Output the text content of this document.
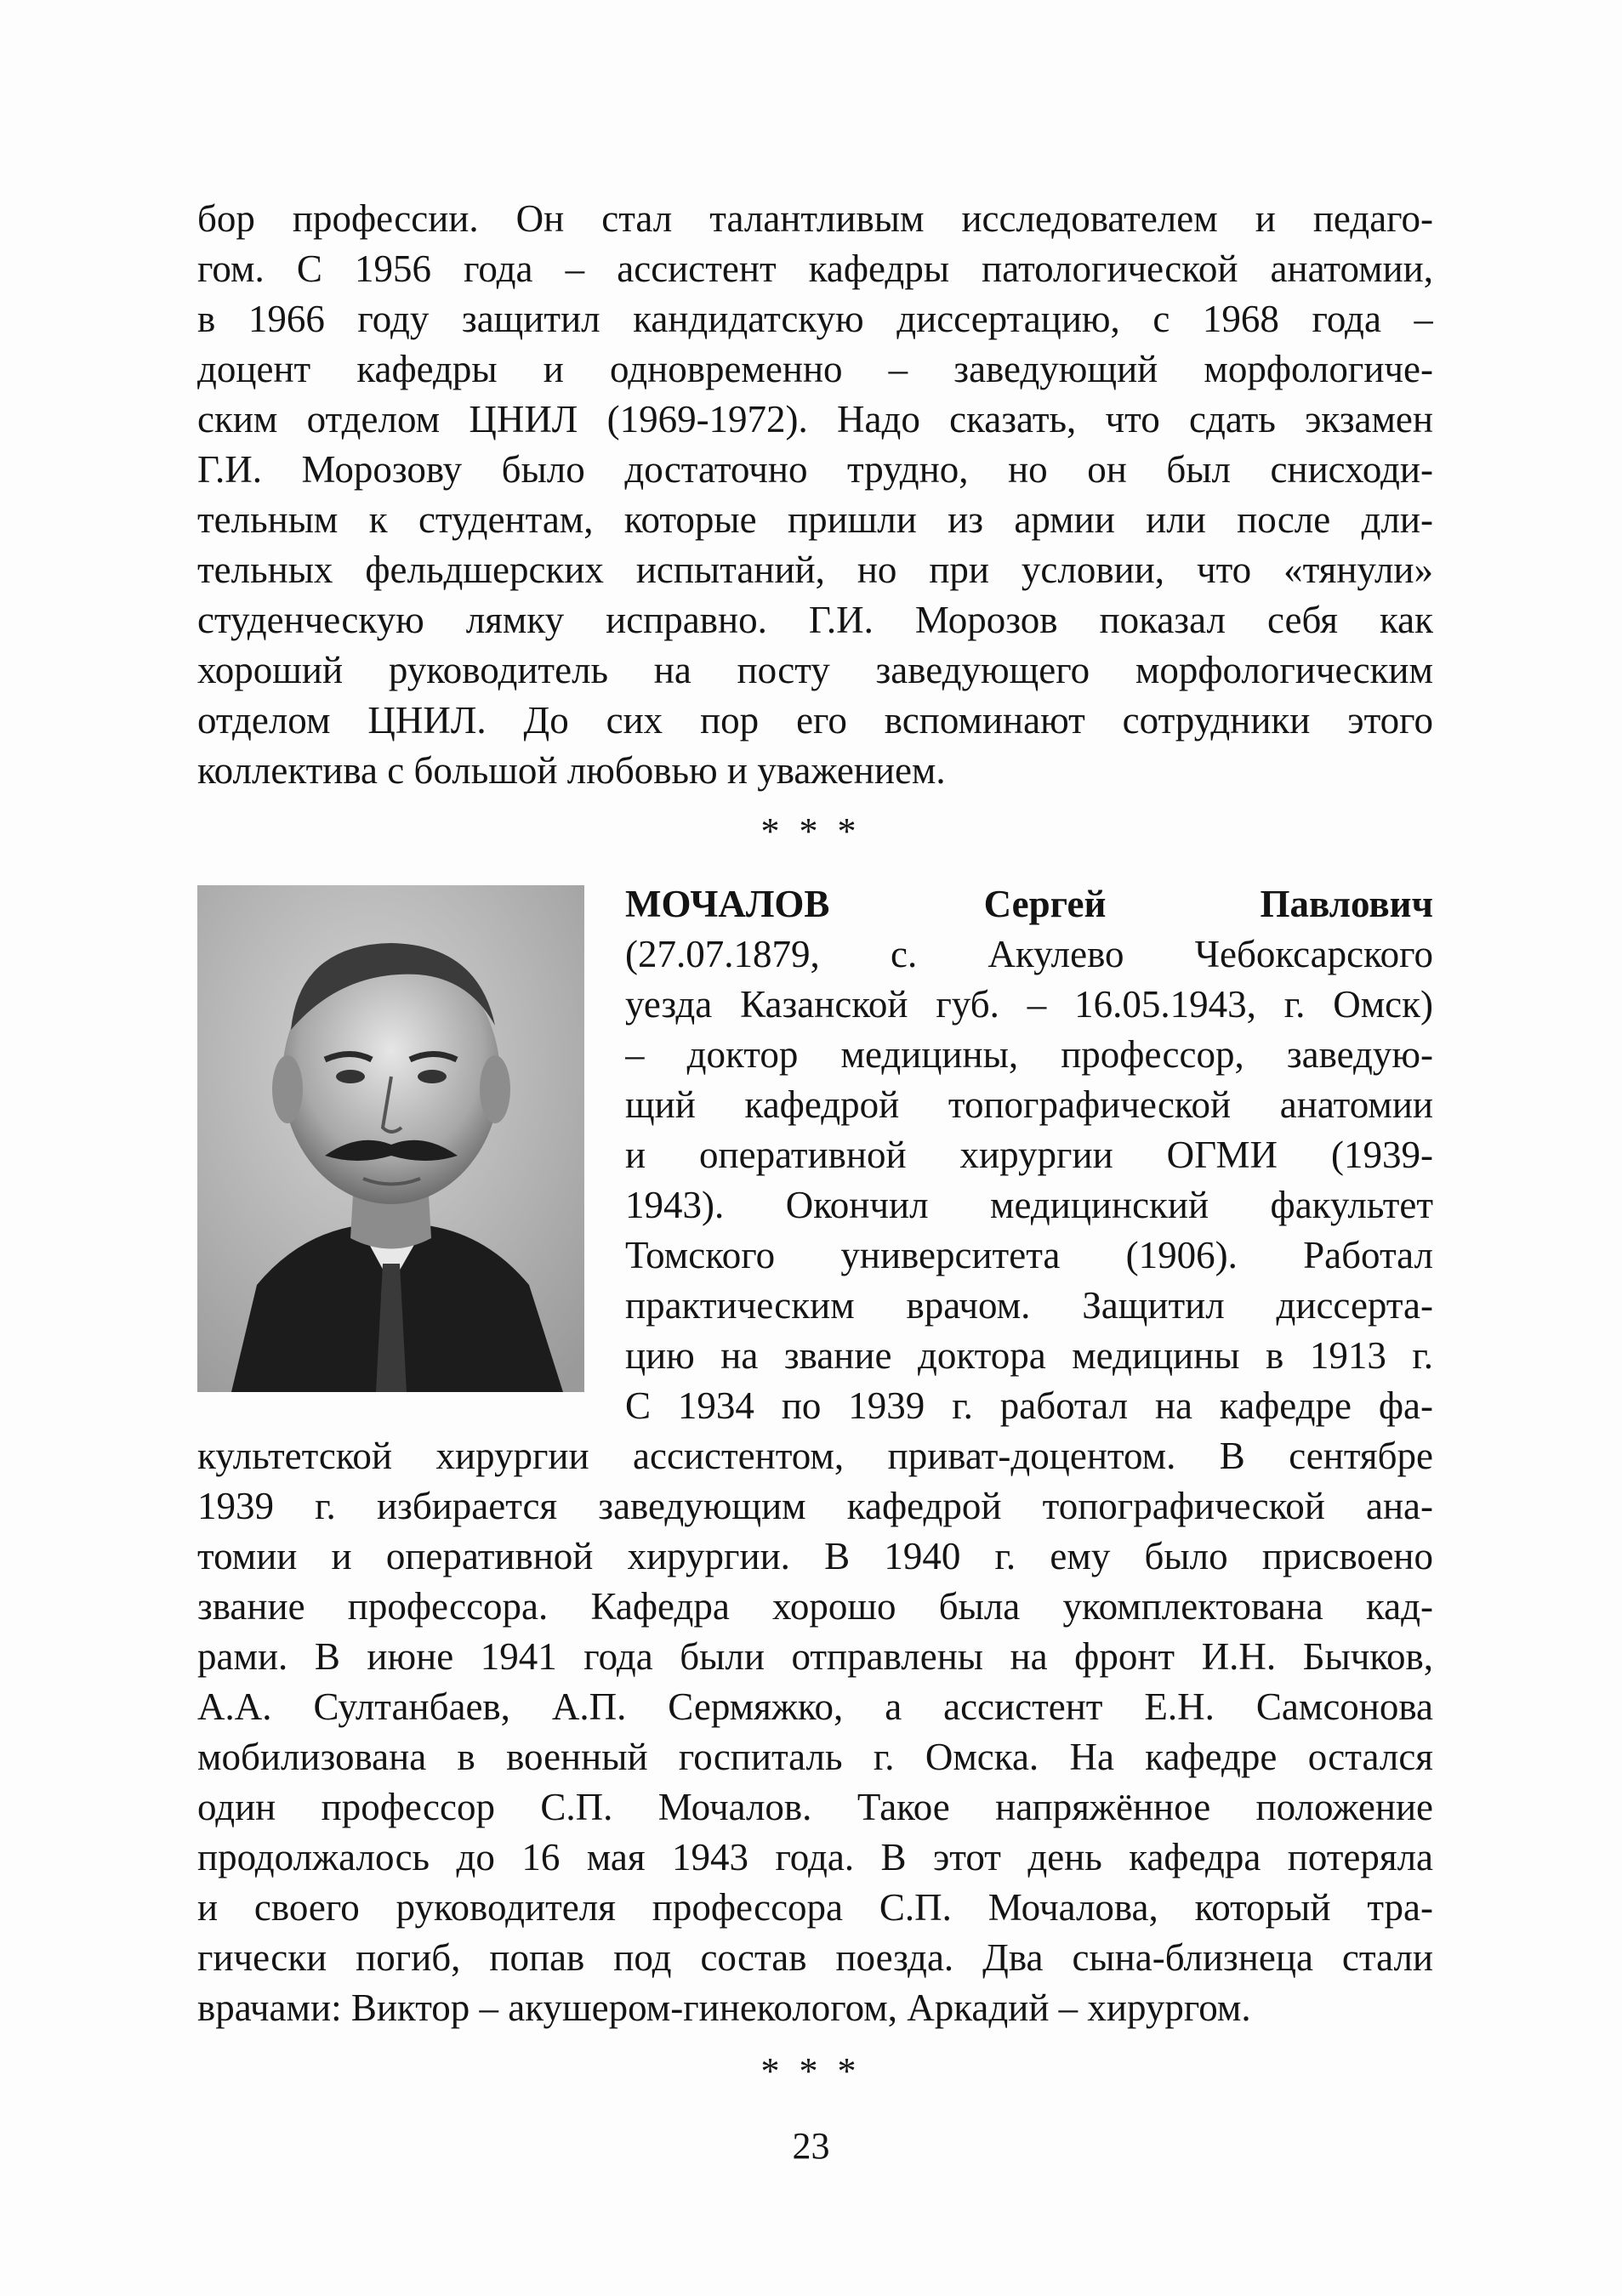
бор профессии. Он стал талантливым исследователем и педаго-
гом. С 1956 года – ассистент кафедры патологической анатомии,
в 1966 году защитил кандидатскую диссертацию, с 1968 года –
доцент кафедры и одновременно – заведующий морфологиче-
ским отделом ЦНИЛ (1969-1972). Надо сказать, что сдать экзамен
Г.И. Морозову было достаточно трудно, но он был снисходи-
тельным к студентам, которые пришли из армии или после дли-
тельных фельдшерских испытаний, но при условии, что «тянули»
студенческую лямку исправно. Г.И. Морозов показал себя как
хороший руководитель на посту заведующего морфологическим
отделом ЦНИЛ. До сих пор его вспоминают сотрудники этого
коллектива с большой любовью и уважением.
* * *
МОЧАЛОВ Сергей Павлович
(27.07.1879, с. Акулево Чебоксарского
уезда Казанской губ. – 16.05.1943, г. Омск)
– доктор медицины, профессор, заведую-
щий кафедрой топографической анатомии
и оперативной хирургии ОГМИ (1939-
1943). Окончил медицинский факультет
Томского университета (1906). Работал
практическим врачом. Защитил диссерта-
цию на звание доктора медицины в 1913 г.
С 1934 по 1939 г. работал на кафедре фа-
культетской хирургии ассистентом, приват-доцентом. В сентябре
1939 г. избирается заведующим кафедрой топографической ана-
томии и оперативной хирургии. В 1940 г. ему было присвоено
звание профессора. Кафедра хорошо была укомплектована кад-
рами. В июне 1941 года были отправлены на фронт И.Н. Бычков,
А.А. Султанбаев, А.П. Сермяжко, а ассистент Е.Н. Самсонова
мобилизована в военный госпиталь г. Омска. На кафедре остался
один профессор С.П. Мочалов. Такое напряжённое положение
продолжалось до 16 мая 1943 года. В этот день кафедра потеряла
и своего руководителя профессора С.П. Мочалова, который тра-
гически погиб, попав под состав поезда. Два сына-близнеца стали
врачами: Виктор – акушером-гинекологом, Аркадий – хирургом.
* * *
23
